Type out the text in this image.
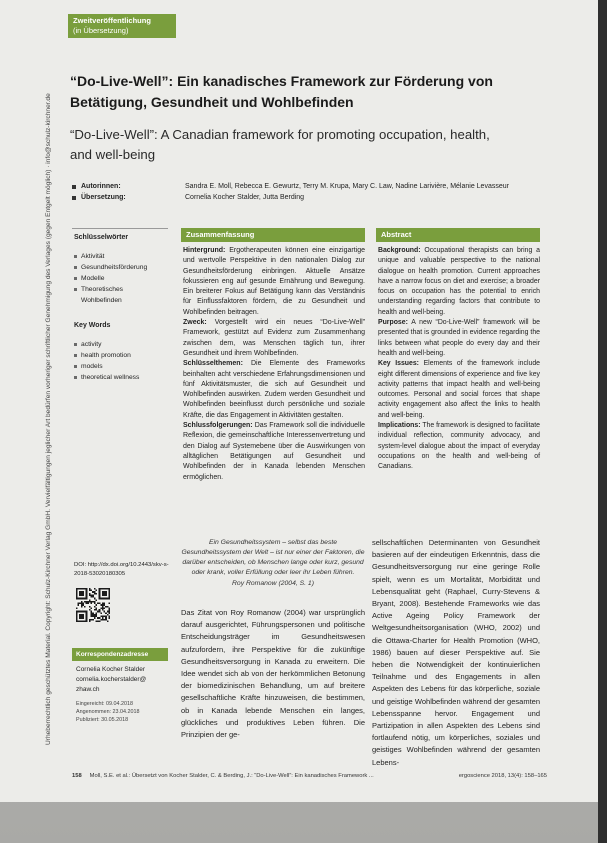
Urheberrechtlich geschütztes Material. Copyright: Schulz-Kirchner Verlag GmbH. Vervielfältigungen jeglicher Art bedürfen vorheriger schriftlicher Genehmigung des Verlages (gegen Entgelt möglich) · info@schulz-kirchner.de
Zweitveröffentlichung
(in Übersetzung)
“Do-Live-Well”: Ein kanadisches Framework zur Förderung von
Betätigung, Gesundheit und Wohlbefinden
“Do-Live-Well”: A Canadian framework for promoting occupation, health,
and well-being
Autorinnen:	Sandra E. Moll, Rebecca E. Gewurtz, Terry M. Krupa, Mary C. Law, Nadine Larivière, Mélanie Levasseur
Übersetzung:	Cornelia Kocher Stalder, Jutta Berding
Schlüsselwörter
Aktivität
Gesundheitsförderung
Modelle
Theoretisches Wohlbefinden
Key Words
activity
health promotion
models
theoretical wellness
DOI: http://dx.doi.org/10.2443/skv-s-2018-53020180305
Korrespondenzadresse
Cornelia Kocher Stalder
cornelia.kocherstalder@
zhaw.ch
Eingereicht: 09.04.2018
Angenommen: 23.04.2018
Publiziert: 30.05.2018
Zusammenfassung	Abstract

Hintergrund: Ergotherapeuten können eine einzigartige und wertvolle Perspektive in den nationalen Dialog zur Gesundheitsförderung einbringen. Aktuelle Ansätze fokussieren eng auf gesunde Ernährung und Bewegung. Ein breiterer Fokus auf Betätigung kann das Verständnis für Einflussfaktoren fördern, die zu Gesundheit und Wohlbefinden beitragen.

Zweck: Vorgestellt wird ein neues “Do-Live-Well” Framework, gestützt auf Evidenz zum Zusammenhang zwischen dem, was Menschen täglich tun, ihrer Gesundheit und ihrem Wohlbefinden.

Schlüsselthemen: Die Elemente des Frameworks beinhalten acht verschiedene Erfahrungsdimensionen und fünf Aktivitätsmuster, die sich auf Gesundheit und Wohlbefinden auswirken. Zudem werden Gesundheit und Wohlbefinden beeinflusst durch persönliche und soziale Kräfte, die das Engagement in Aktivitäten gestalten.

Schlussfolgerungen: Das Framework soll die individuelle Reflexion, die gemeinschaftliche Interessenvertretung und den Dialog auf Systemebene über die Auswirkungen von alltäglichen Betätigungen auf Gesundheit und Wohlbefinden der in Kanada lebenden Menschen ermöglichen.

Background: Occupational therapists can bring a unique and valuable perspective to the national dialogue on health promotion. Current approaches have a narrow focus on diet and exercise; a broader focus on occupation has the potential to enrich understanding regarding factors that contribute to health and well-being.

Purpose: A new “Do-Live-Well” framework will be presented that is grounded in evidence regarding the links between what people do every day and their health and well-being.

Key Issues: Elements of the framework include eight different dimensions of experience and five key activity patterns that impact health and well-being outcomes. Personal and social forces that shape activity engagement also affect the links to health and well-being.

Implications: The framework is designed to facilitate individual reflection, community advocacy, and system-level dialogue about the impact of everyday occupations on the health and well-being of Canadians.

Ein Gesundheitssystem – selbst das beste Gesundheitssystem der Welt – ist nur einer der Faktoren, die darüber entscheiden, ob Menschen lange oder kurz, gesund oder krank, voller Erfüllung oder leer ihr Leben führen.
Roy Romanow (2004, S. 1)
Das Zitat von Roy Romanow (2004) war ursprünglich darauf ausgerichtet, Führungspersonen und politische Entscheidungsträger im Gesundheitswesen aufzufordern, ihre Perspektive für die zukünftige Gesundheitsversorgung in Kanada zu erweitern. Die Idee wendet sich ab von der herkömmlichen Betonung der biomedizinischen Behandlung, um auf breitere gesellschaftliche Kräfte hinzuweisen, die bestimmen, ob in Kanada lebende Menschen ein langes, glückliches und produktives Leben führen. Die Prinzipien der ge-
sellschaftlichen Determinanten von Gesundheit basieren auf der eindeutigen Erkenntnis, dass die Gesundheitsversorgung nur eine geringe Rolle spielt, wenn es um Mortalität, Morbidität und Lebensqualität geht (Raphael, Curry-Stevens & Bryant, 2008). Bestehende Frameworks wie das Active Ageing Policy Framework der Weltgesundheitsorganisation (WHO, 2002) und die Ottawa-Charter for Health Promotion (WHO, 1986) bauen auf dieser Perspektive auf. Sie heben die Notwendigkeit der kontinuierlichen Teilnahme und des Engagements in allen Aspekten des Lebens für das körperliche, soziale und geistige Wohlbefinden während der gesamten Lebensspanne hervor. Engagement und Partizipation in allen Aspekten des Lebens sind fortlaufend nötig, um körperliches, soziales und geistiges Wohlbefinden während der gesamten Lebens-
158 Moll, S.E. et al.: Übersetzt von Kocher Stalder, C. & Berding, J.: “Do-Live-Well”: Ein kanadisches Framework ...	ergoscience 2018, 13(4): 158–165
